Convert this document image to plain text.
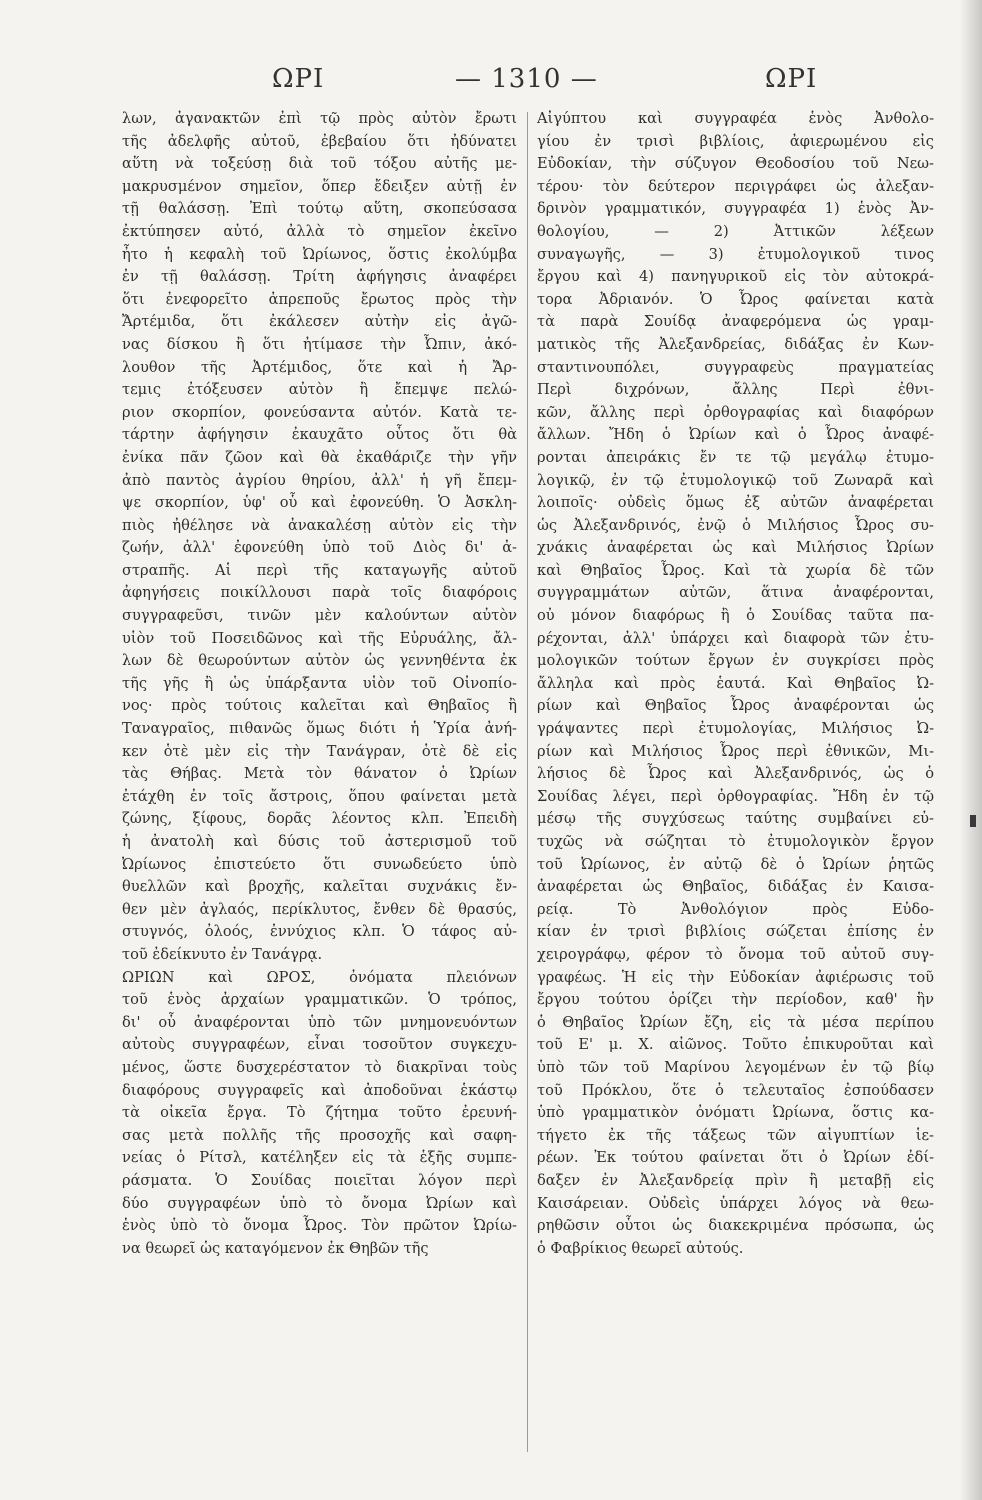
ΩΡΙ	— 1310 —	ΩΡΙ
λων, ἀγανακτῶν ἐπὶ τῷ πρὸς αὐτὸν ἔρωτι
τῆς ἀδελφῆς αὐτοῦ, ἐβεβαίου ὅτι ἠδύνατει
αὕτη νὰ τοξεύσῃ διὰ τοῦ τόξου αὐτῆς με-
μακρυσμένον σημεῖον, ὅπερ ἔδειξεν αὐτῇ ἐν
τῇ θαλάσσῃ. Ἐπὶ τούτῳ αὕτη, σκοπεύσασα
ἐκτύπησεν αὐτό, ἀλλὰ τὸ σημεῖον ἐκεῖνο
ἦτο ἡ κεφαλὴ τοῦ Ὠρίωνος, ὅστις ἐκολύμβα
ἐν τῇ θαλάσσῃ. Τρίτη ἀφήγησις ἀναφέρει
ὅτι ἐνεφορεῖτο ἀπρεποῦς ἔρωτος πρὸς τὴν
Ἄρτέμιδα, ὅτι ἐκάλεσεν αὐτὴν εἰς ἀγῶ-
νας δίσκου ἢ ὅτι ἠτίμασε τὴν Ὦπιν, ἀκό-
λουθον τῆς Ἀρτέμιδος, ὅτε καὶ ἡ Ἄρ-
τεμις ἐτόξευσεν αὐτὸν ἢ ἔπεμψε πελώ-
ριον σκορπίον, φονεύσαντα αὐτόν. Κατὰ τε-
τάρτην ἀφήγησιν ἐκαυχᾶτο οὗτος ὅτι θὰ
ἐνίκα πᾶν ζῶον καὶ θὰ ἐκαθάριζε τὴν γῆν
ἀπὸ παντὸς ἀγρίου θηρίου, ἀλλ' ἡ γῆ ἔπεμ-
ψε σκορπίον, ὑφ' οὗ καὶ ἐφονεύθη. Ὁ Ἀσκλη-
πιὸς ἠθέλησε νὰ ἀνακαλέσῃ αὐτὸν εἰς τὴν
ζωήν, ἀλλ' ἐφονεύθη ὑπὸ τοῦ Διὸς δι' ἀ-
στραπῆς. Αἱ περὶ τῆς καταγωγῆς αὐτοῦ
ἀφηγήσεις ποικίλλουσι παρὰ τοῖς διαφόροις
συγγραφεῦσι, τινῶν μὲν καλούντων αὐτὸν
υἱὸν τοῦ Ποσειδῶνος καὶ τῆς Εὐρυάλης, ἄλ-
λων δὲ θεωρούντων αὐτὸν ὡς γεννηθέντα ἐκ
τῆς γῆς ἢ ὡς ὑπάρξαντα υἱὸν τοῦ Οἰνοπίο-
νος· πρὸς τούτοις καλεῖται καὶ Θηβαῖος ἢ
Ταναγραῖος, πιθανῶς ὅμως διότι ἡ Ὑρία ἀνή-
κεν ὁτὲ μὲν εἰς τὴν Τανάγραν, ὁτὲ δὲ εἰς
τὰς Θήβας. Μετὰ τὸν θάνατον ὁ Ὠρίων
ἐτάχθη ἐν τοῖς ἄστροις, ὅπου φαίνεται μετὰ
ζώνης, ξίφους, δορᾶς λέοντος κλπ. Ἐπειδὴ
ἡ ἀνατολὴ καὶ δύσις τοῦ ἀστερισμοῦ τοῦ
Ὠρίωνος ἐπιστεύετο ὅτι συνωδεύετο ὑπὸ
θυελλῶν καὶ βροχῆς, καλεῖται συχνάκις ἔν-
θεν μὲν ἀγλαός, περίκλυτος, ἔνθεν δὲ θρασύς,
στυγνός, ὀλοός, ἐννύχιος κλπ. Ὁ τάφος αὐ-
τοῦ ἐδείκνυτο ἐν Τανάγρᾳ.
ΩΡΙΩΝ καὶ ΩΡΟΣ, ὀνόματα πλειόνων
τοῦ ἑνὸς ἀρχαίων γραμματικῶν. Ὁ τρόπος,
δι' οὗ ἀναφέρονται ὑπὸ τῶν μνημονευόντων
αὐτοὺς συγγραφέων, εἶναι τοσοῦτον συγκεχυ-
μένος, ὥστε δυσχερέστατον τὸ διακρῖναι τοὺς
διαφόρους συγγραφεῖς καὶ ἀποδοῦναι ἑκάστῳ
τὰ οἰκεῖα ἔργα. Τὸ ζήτημα τοῦτο ἐρευνή-
σας μετὰ πολλῆς τῆς προσοχῆς καὶ σαφη-
νείας ὁ Ρίτσλ, κατέληξεν εἰς τὰ ἑξῆς συμπε-
ράσματα. Ὁ Σουίδας ποιεῖται λόγον περὶ
δύο συγγραφέων ὑπὸ τὸ ὄνομα Ὠρίων καὶ
ἑνὸς ὑπὸ τὸ ὄνομα Ὦρος. Τὸν πρῶτον Ὠρίω-
να θεωρεῖ ὡς καταγόμενον ἐκ Θηβῶν τῆς
Αἰγύπτου καὶ συγγραφέα ἑνὸς Ἀνθολο-
γίου ἐν τρισὶ βιβλίοις, ἀφιερωμένου εἰς
Εὐδοκίαν, τὴν σύζυγον Θεοδοσίου τοῦ Νεω-
τέρου· τὸν δεύτερον περιγράφει ὡς ἀλεξαν-
δρινὸν γραμματικόν, συγγραφέα 1) ἑνὸς Ἀν-
θολογίου, — 2) Ἀττικῶν λέξεων
συναγωγῆς, — 3) ἐτυμολογικοῦ τινος
ἔργου καὶ 4) πανηγυρικοῦ εἰς τὸν αὐτοκρά-
τορα Ἀδριανόν. Ὁ Ὦρος φαίνεται κατὰ
τὰ παρὰ Σουίδᾳ ἀναφερόμενα ὡς γραμ-
ματικὸς τῆς Ἀλεξανδρείας, διδάξας ἐν Κων-
σταντινουπόλει, συγγραφεὺς πραγματείας
Περὶ διχρόνων, ἄλλης Περὶ ἐθνι-
κῶν, ἄλλης περὶ ὀρθογραφίας καὶ διαφόρων
ἄλλων. Ἤδη ὁ Ὠρίων καὶ ὁ Ὦρος ἀναφέ-
ρονται ἀπειράκις ἔν τε τῷ μεγάλῳ ἐτυμο-
λογικῷ, ἐν τῷ ἐτυμολογικῷ τοῦ Ζωναρᾶ καὶ
λοιποῖς· οὐδεὶς ὅμως ἐξ αὐτῶν ἀναφέρεται
ὡς Ἀλεξανδρινός, ἐνῷ ὁ Μιλήσιος Ὦρος συ-
χνάκις ἀναφέρεται ὡς καὶ Μιλήσιος Ὠρίων
καὶ Θηβαῖος Ὦρος. Καὶ τὰ χωρία δὲ τῶν
συγγραμμάτων αὐτῶν, ἅτινα ἀναφέρονται,
οὐ μόνον διαφόρως ἢ ὁ Σουίδας ταῦτα πα-
ρέχονται, ἀλλ' ὑπάρχει καὶ διαφορὰ τῶν ἐτυ-
μολογικῶν τούτων ἔργων ἐν συγκρίσει πρὸς
ἄλληλα καὶ πρὸς ἑαυτά. Καὶ Θηβαῖος Ὠ-
ρίων καὶ Θηβαῖος Ὦρος ἀναφέρονται ὡς
γράψαντες περὶ ἐτυμολογίας, Μιλήσιος Ὠ-
ρίων καὶ Μιλήσιος Ὦρος περὶ ἐθνικῶν, Μι-
λήσιος δὲ Ὦρος καὶ Ἀλεξανδρινός, ὡς ὁ
Σουίδας λέγει, περὶ ὀρθογραφίας. Ἤδη ἐν τῷ
μέσῳ τῆς συγχύσεως ταύτης συμβαίνει εὐ-
τυχῶς νὰ σώζηται τὸ ἐτυμολογικὸν ἔργον
τοῦ Ὠρίωνος, ἐν αὐτῷ δὲ ὁ Ὠρίων ῥητῶς
ἀναφέρεται ὡς Θηβαῖος, διδάξας ἐν Καισα-
ρείᾳ. Τὸ Ἀνθολόγιον πρὸς Εὐδο-
κίαν ἐν τρισὶ βιβλίοις σώζεται ἐπίσης ἐν
χειρογράφῳ, φέρον τὸ ὄνομα τοῦ αὐτοῦ συγ-
γραφέως. Ἡ εἰς τὴν Εὐδοκίαν ἀφιέρωσις τοῦ
ἔργου τούτου ὁρίζει τὴν περίοδον, καθ' ἣν
ὁ Θηβαῖος Ὠρίων ἔζη, εἰς τὰ μέσα περίπου
τοῦ Ε' μ. Χ. αἰῶνος. Τοῦτο ἐπικυροῦται καὶ
ὑπὸ τῶν τοῦ Μαρίνου λεγομένων ἐν τῷ βίῳ
τοῦ Πρόκλου, ὅτε ὁ τελευταῖος ἐσπούδασεν
ὑπὸ γραμματικὸν ὀνόματι Ὠρίωνα, ὅστις κα-
τήγετο ἐκ τῆς τάξεως τῶν αἰγυπτίων ἱε-
ρέων. Ἐκ τούτου φαίνεται ὅτι ὁ Ὠρίων ἐδί-
δαξεν ἐν Ἀλεξανδρείᾳ πρὶν ἢ μεταβῇ εἰς
Καισάρειαν. Οὐδεὶς ὑπάρχει λόγος νὰ θεω-
ρηθῶσιν οὗτοι ὡς διακεκριμένα πρόσωπα, ὡς
ὁ Φαβρίκιος θεωρεῖ αὐτούς.
